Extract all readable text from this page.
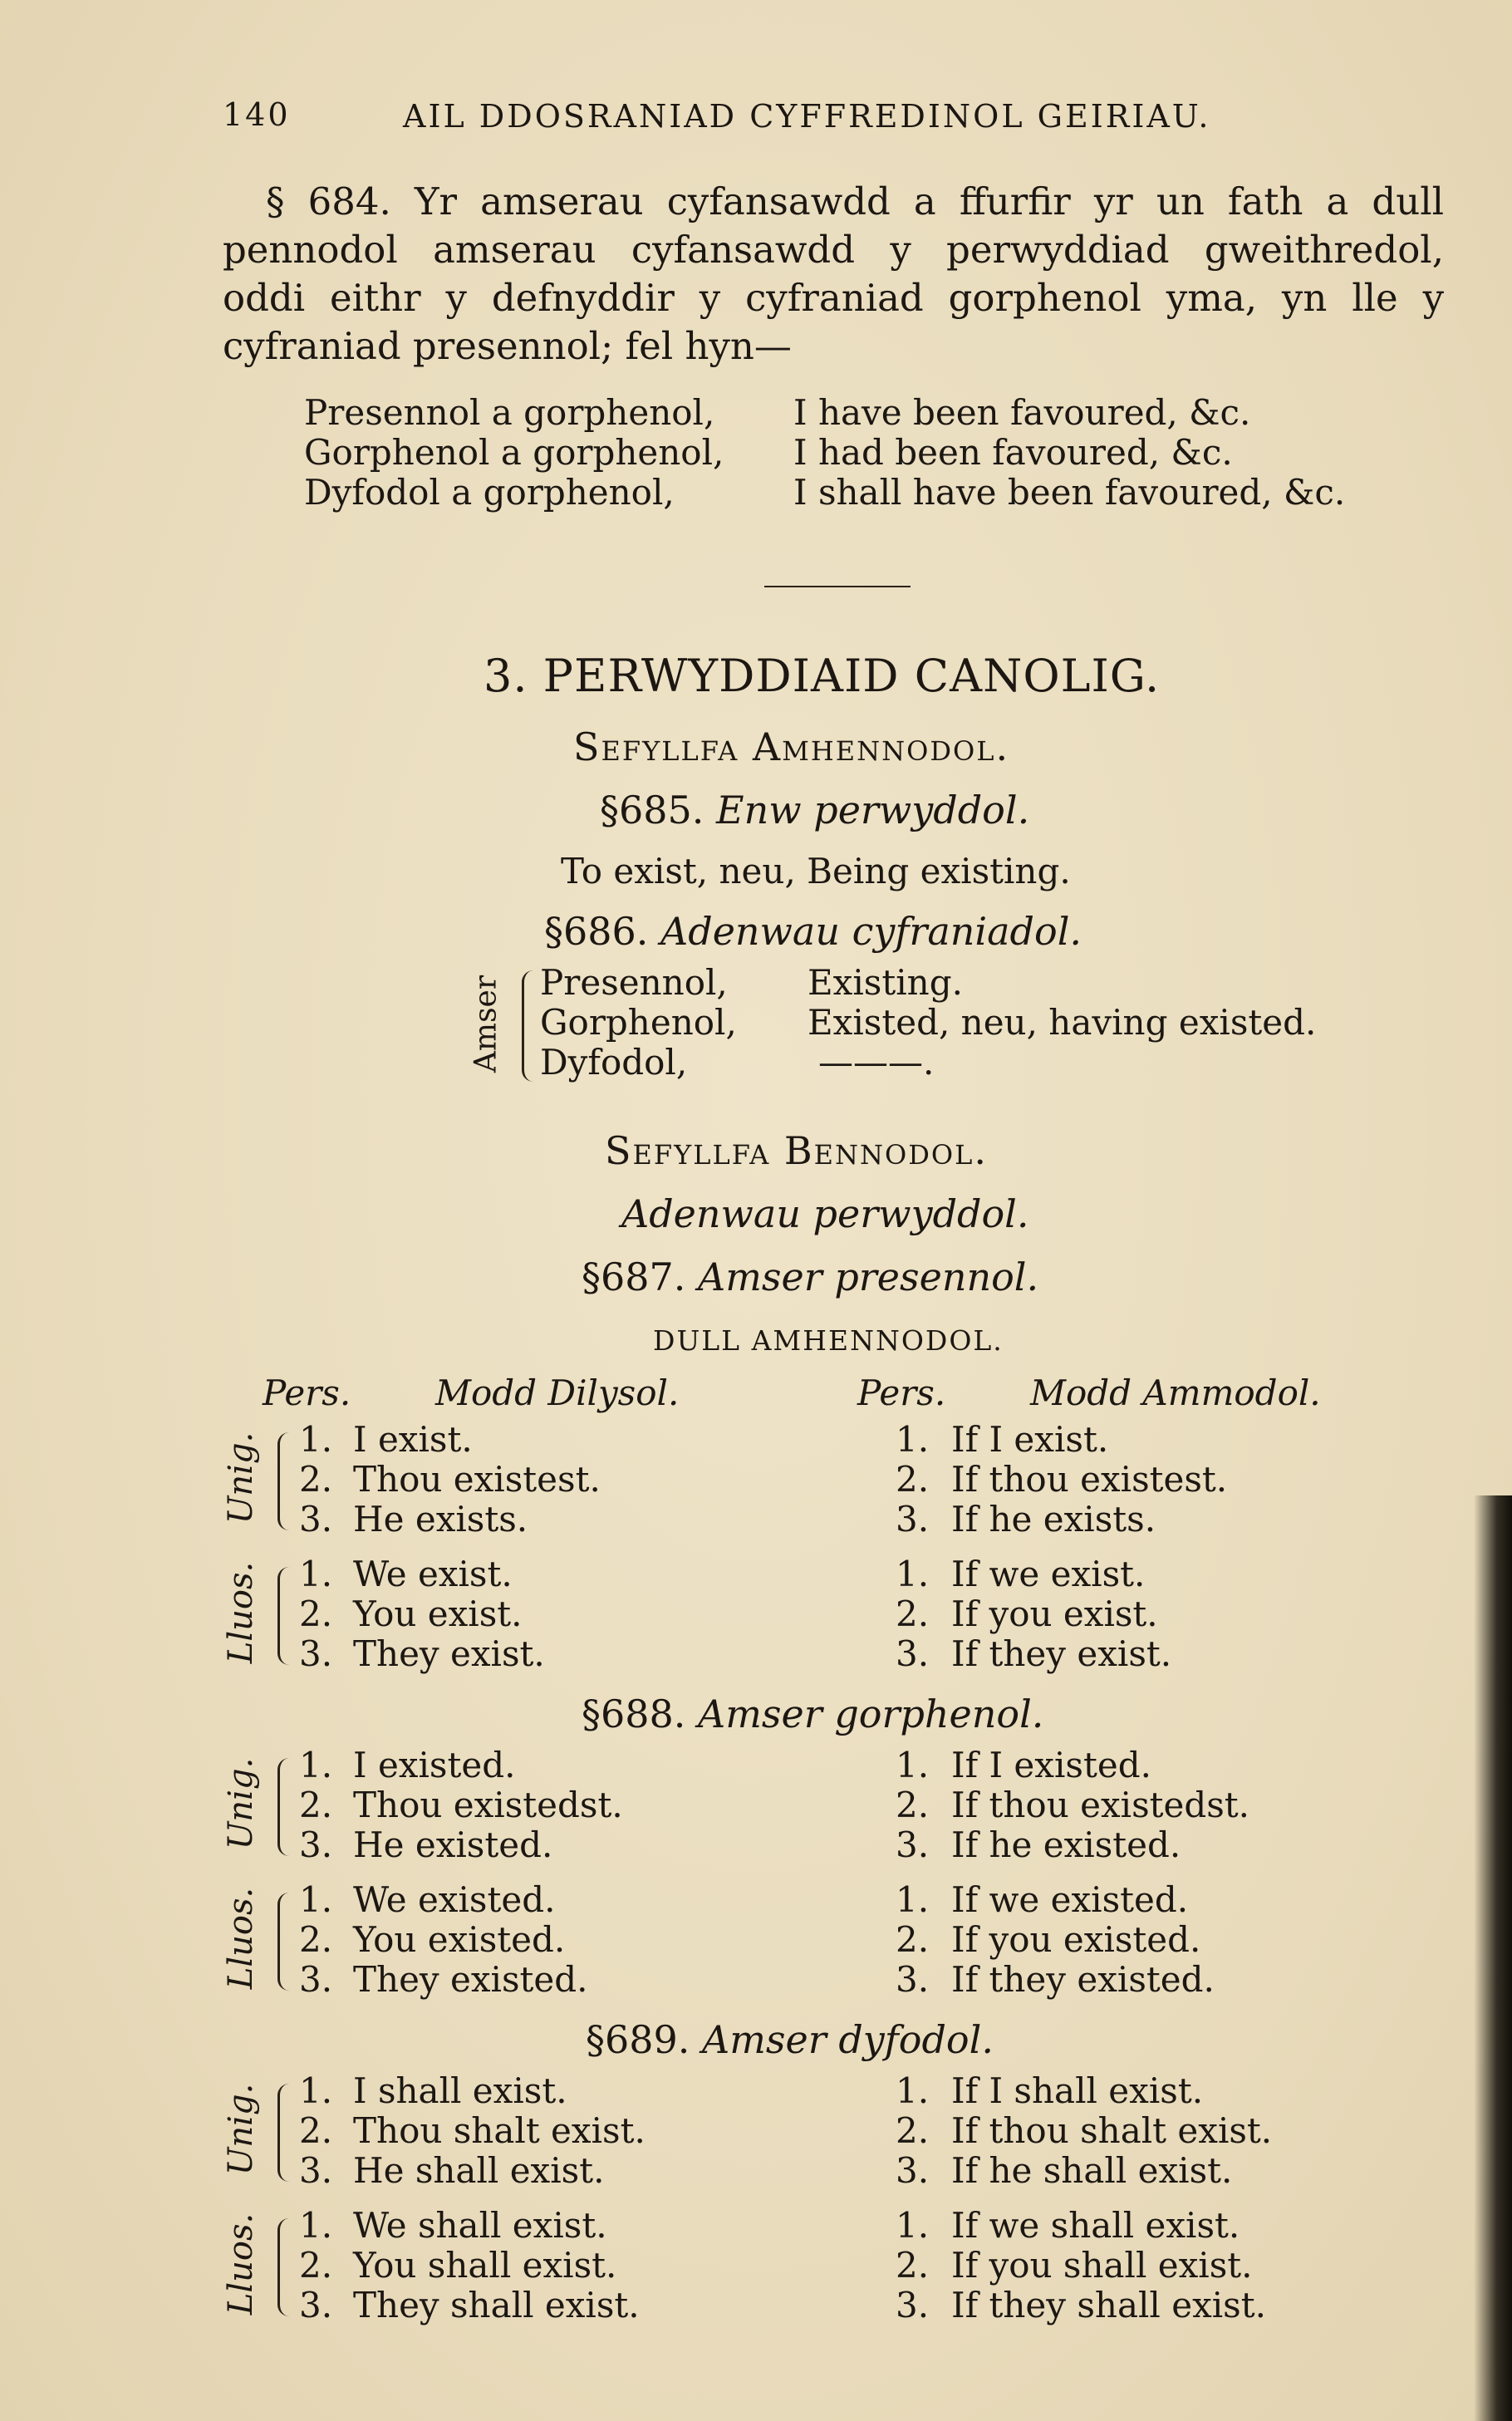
140	AIL DDOSRANIAD CYFFREDINOL GEIRIAU.
§ 684. Yr amserau cyfansawdd a ffurfir yr un fath a dull
pennodol amserau cyfansawdd y perwyddiad gweithredol,
oddi eithr y defnyddir y cyfraniad gorphenol yma, yn lle y
cyfraniad presennol; fel hyn—
Presennol a gorphenol, I have been favoured, &c.
Gorphenol a gorphenol, I had been favoured, &c.
Dyfodol a gorphenol,	I shall have been favoured, &c.
3. PERWYDDIAID CANOLIG.
Sefyllfa Amhennodol.
§685. Enw perwyddol.
To exist, neu, Being existing.
§686. Adenwau cyfraniadol.
Amser Presennol, Existing.
Gorphenol, Existed, neu, having existed.
Dyfodol,	———.
Sefyllfa Bennodol.
Adenwau perwyddol.
§687. Amser presennol.
DULL AMHENNODOL.
Pers. Modd Dilysol.	Pers. Modd Ammodol.
Unig. 1. I exist.	1. If I exist.
2. Thou existest.	2. If thou existest.
3. He exists.	3. If he exists.
Lluos. 1. We exist.	1. If we exist.
2. You exist.	2. If you exist.
3. They exist.	3. If they exist.
§688. Amser gorphenol.
Unig. 1. I existed.	1. If I existed.
2. Thou existedst.	2. If thou existedst.
3. He existed.	3. If he existed.
Lluos. 1. We existed.	1. If we existed.
2. You existed.	2. If you existed.
3. They existed.	3. If they existed.
§689. Amser dyfodol.
Unig. 1. I shall exist.	1. If I shall exist.
2. Thou shalt exist.	2. If thou shalt exist.
3. He shall exist.	3. If he shall exist.
Lluos. 1. We shall exist.	1. If we shall exist.
2. You shall exist.	2. If you shall exist.
3. They shall exist.	3. If they shall exist.
